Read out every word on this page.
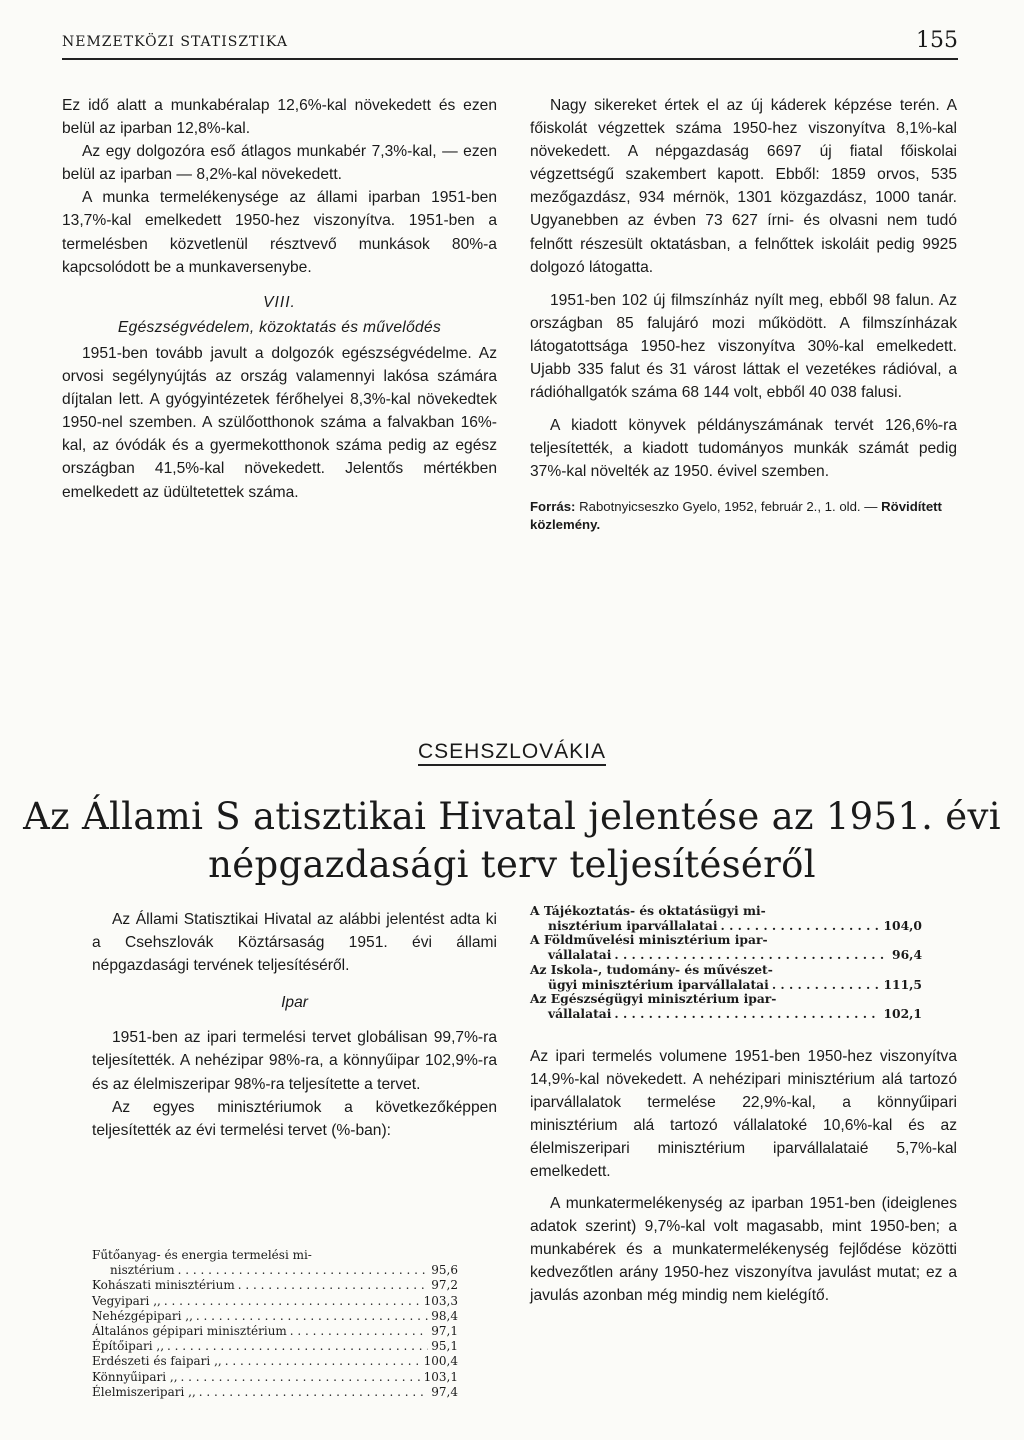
NEMZETKÖZI STATISZTIKA	155

Ez idő alatt a munkabéralap 12,6%-kal növekedett és ezen belül az iparban 12,8%-kal.

Az egy dolgozóra eső átlagos munkabér 7,3%-kal, — ezen belül az iparban — 8,2%-kal növekedett.

A munka termelékenysége az állami iparban 1951-ben 13,7%-kal emelkedett 1950-hez viszonyítva. 1951-ben a termelésben közvetlenül résztvevő munkások 80%-a kapcsolódott be a munkaversenybe.

VIII.

Egészségvédelem, közoktatás és művelődés

1951-ben tovább javult a dolgozók egészségvédelme. Az orvosi segélynyújtás az ország valamennyi lakósa számára díjtalan lett. A gyógyintézetek férőhelyei 8,3%-kal növekedtek 1950-nel szemben. A szülőotthonok száma a falvakban 16%-kal, az óvódák és a gyermekotthonok száma pedig az egész országban 41,5%-kal növekedett. Jelentős mértékben emelkedett az üdültetettek száma.

Nagy sikereket értek el az új káderek képzése terén. A főiskolát végzettek száma 1950-hez viszonyítva 8,1%-kal növekedett. A népgazdaság 6697 új fiatal főiskolai végzettségű szakembert kapott. Ebből: 1859 orvos, 535 mezőgazdász, 934 mérnök, 1301 közgazdász, 1000 tanár. Ugyanebben az évben 73 627 írni- és olvasni nem tudó felnőtt részesült oktatásban, a felnőttek iskoláit pedig 9925 dolgozó látogatta.

1951-ben 102 új filmszínház nyílt meg, ebből 98 falun. Az országban 85 falujáró mozi működött. A filmszínházak látogatottsága 1950-hez viszonyítva 30%-kal emelkedett. Ujabb 335 falut és 31 várost láttak el vezetékes rádióval, a rádióhallgatók száma 68 144 volt, ebből 40 038 falusi.

A kiadott könyvek példányszámának tervét 126,6%-ra teljesítették, a kiadott tudományos munkák számát pedig 37%-kal növelték az 1950. évivel szemben.

Forrás: Rabotnyicseszko Gyelo, 1952, február 2., 1. old. — Rövidített közlemény.

CSEHSZLOVÁKIA
Az Állami S atisztikai Hivatal jelentése az 1951. évi
népgazdasági terv teljesítéséről

Az Állami Statisztikai Hivatal az alábbi jelentést adta ki a Csehszlovák Köztársaság 1951. évi állami népgazdasági tervének teljesítéséről.

Ipar

1951-ben az ipari termelési tervet globálisan 99,7%-ra teljesítették. A nehézipar 98%-ra, a könnyűipar 102,9%-ra és az élelmiszeripar 98%-ra teljesítette a tervet.

Az egyes minisztériumok a következőképpen teljesítették az évi termelési tervet (%-ban):

A Tájékoztatás- és oktatásügyi mi-
nisztérium iparvállalatai . . .	104,0
A Földművelési minisztérium ipar-
vállalatai . . .	96,4
Az Iskola-, tudomány- és művészet-
ügyi minisztérium iparvállalatai . . .	111,5
Az Egészségügyi minisztérium ipar-
vállalatai . . .	102,1

Az ipari termelés volumene 1951-ben 1950-hez viszonyítva 14,9%-kal növekedett. A nehézipari minisztérium alá tartozó iparvállalatok termelése 22,9%-kal, a könnyűipari minisztérium alá tartozó vállalatoké 10,6%-kal és az élelmiszeripari minisztérium iparvállalataié 5,7%-kal emelkedett.

A munkatermelékenység az iparban 1951-ben (ideiglenes adatok szerint) 9,7%-kal volt magasabb, mint 1950-ben; a munkabérek és a munkatermelékenység fejlődése közötti kedvezőtlen arány 1950-hez viszonyítva javulást mutat; ez a javulás azonban még mindig nem kielégítő.

Fűtőanyag- és energia termelési mi-
nisztérium . . .	95,6
Kohászati minisztérium . . .	97,2
Vegyipari ,, . . .	103,3
Nehézgépipari ,, . . .	98,4
Általános gépipari minisztérium . . .	97,1
Építőipari ,, . . .	95,1
Erdészeti és faipari ,, . . .	100,4
Könnyűipari ,, . . .	103,1
Élelmiszeripari ,, . . .	97,4
